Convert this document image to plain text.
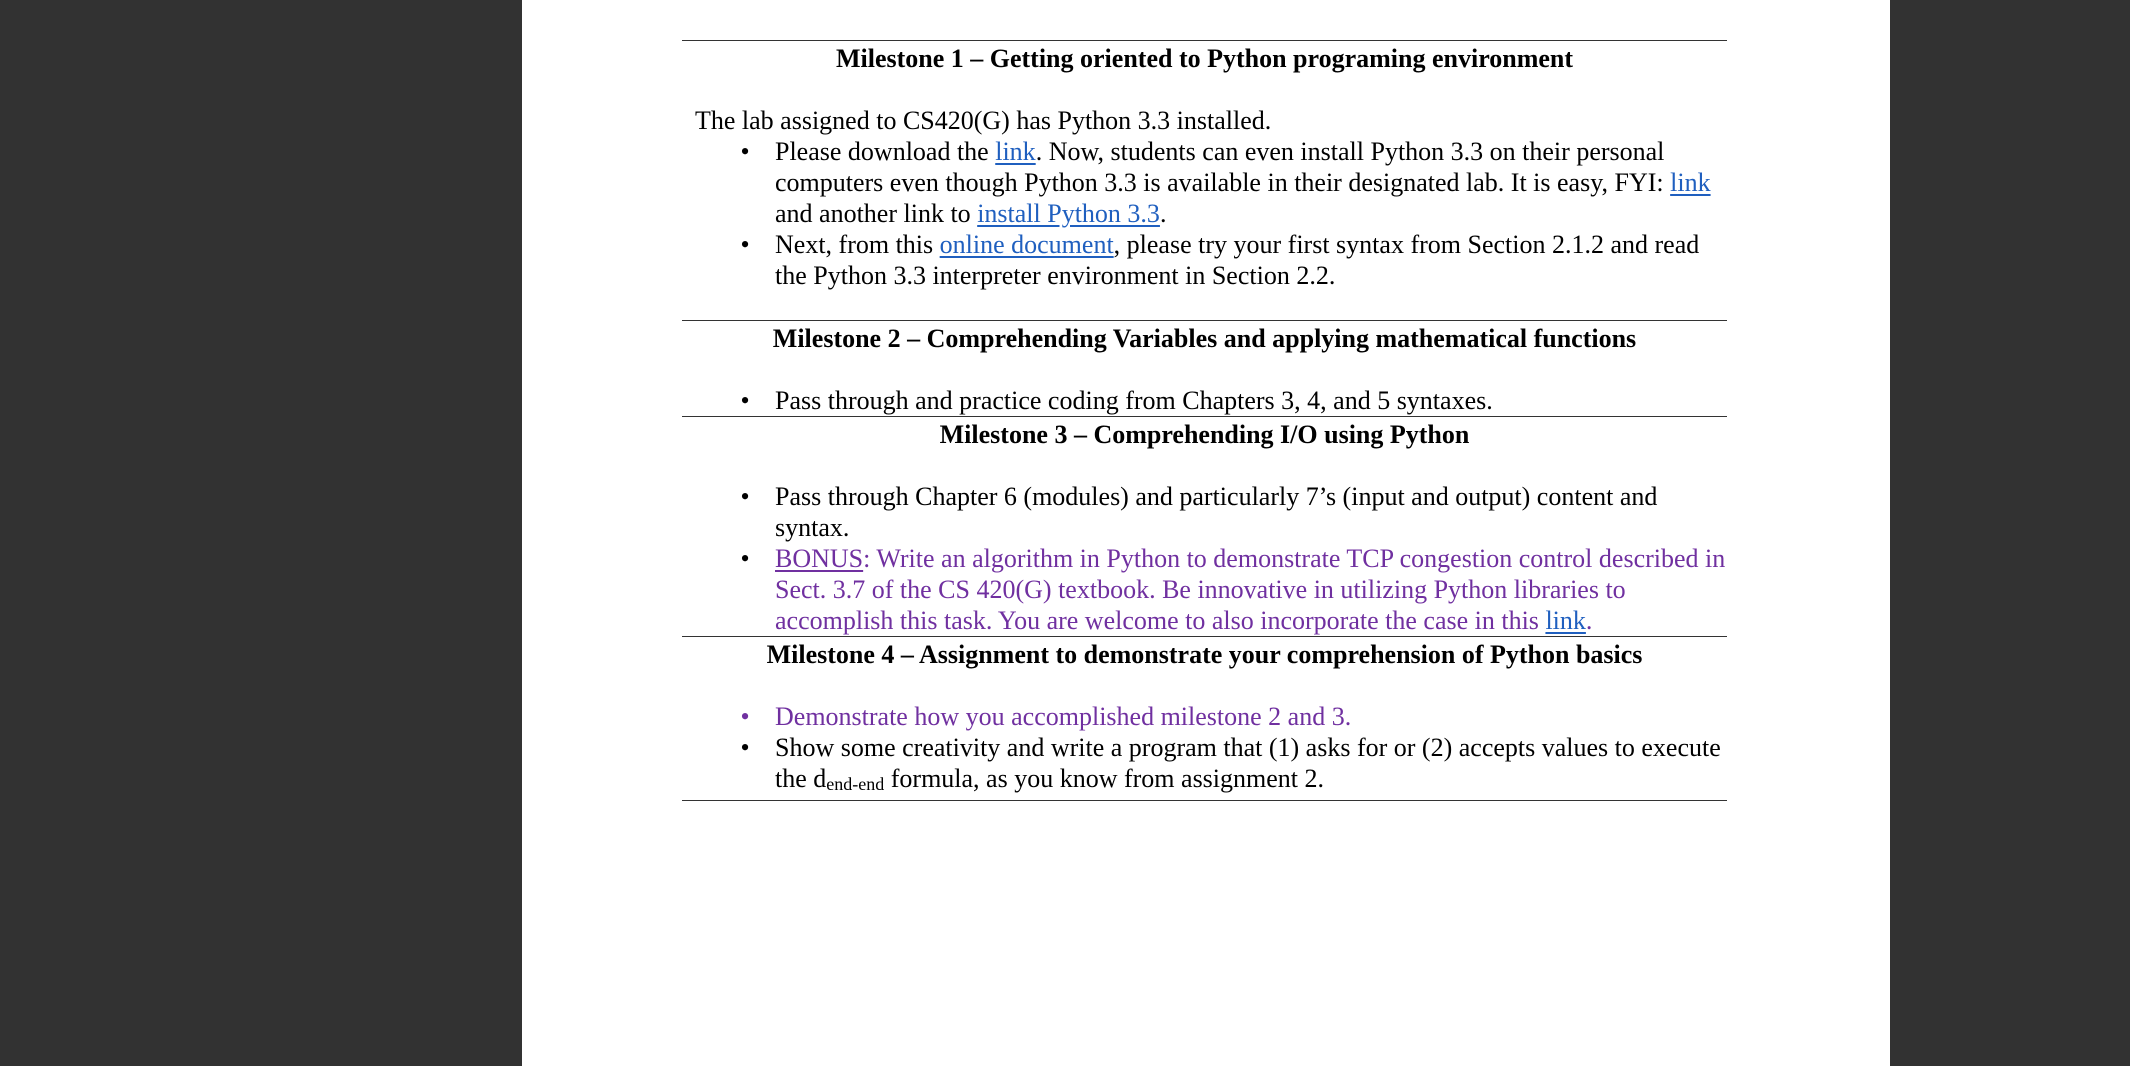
Milestone 1 – Getting oriented to Python programing environment

The lab assigned to CS420(G) has Python 3.3 installed.

• Please download the link. Now, students can even install Python 3.3 on their personal computers even though Python 3.3 is available in their designated lab. It is easy, FYI: link and another link to install Python 3.3.
• Next, from this online document, please try your first syntax from Section 2.1.2 and read the Python 3.3 interpreter environment in Section 2.2.

Milestone 2 – Comprehending Variables and applying mathematical functions

• Pass through and practice coding from Chapters 3, 4, and 5 syntaxes.

Milestone 3 – Comprehending I/O using Python

• Pass through Chapter 6 (modules) and particularly 7’s (input and output) content and syntax.
• BONUS: Write an algorithm in Python to demonstrate TCP congestion control described in Sect. 3.7 of the CS 420(G) textbook. Be innovative in utilizing Python libraries to accomplish this task. You are welcome to also incorporate the case in this link.

Milestone 4 – Assignment to demonstrate your comprehension of Python basics

• Demonstrate how you accomplished milestone 2 and 3.
• Show some creativity and write a program that (1) asks for or (2) accepts values to execute the dend-end formula, as you know from assignment 2.
